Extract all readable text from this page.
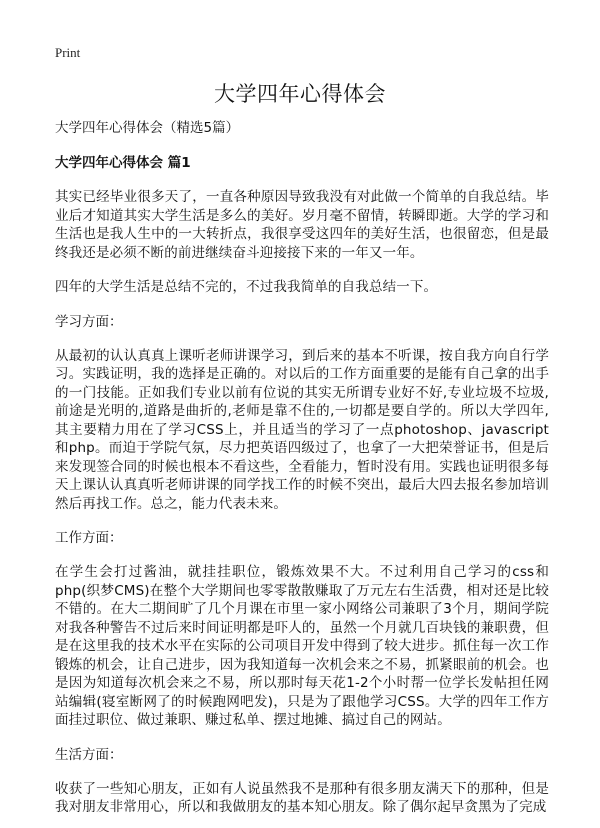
Print
大学四年心得体会

大学四年心得体会（精选5篇）

大学四年心得体会 篇1

其实已经毕业很多天了，一直各种原因导致我没有对此做一个简单的自我总结。毕业后才知道其实大学生活是多么的美好。岁月毫不留情，转瞬即逝。大学的学习和生活也是我人生中的一大转折点，我很享受这四年的美好生活，也很留恋，但是最终我还是必须不断的前进继续奋斗迎接接下来的一年又一年。

四年的大学生活是总结不完的，不过我我简单的自我总结一下。

学习方面：

从最初的认认真真上课听老师讲课学习，到后来的基本不听课，按自我方向自行学习。实践证明，我的选择是正确的。对以后的工作方面重要的是能有自己拿的出手的一门技能。正如我们专业以前有位说的其实无所谓专业好不好,专业垃圾不垃圾,前途是光明的,道路是曲折的,老师是靠不住的,一切都是要自学的。所以大学四年,其主要精力用在了学习CSS上，并且适当的学习了一点photoshop、javascript和php。而迫于学院气氛，尽力把英语四级过了，也拿了一大把荣誉证书，但是后来发现签合同的时候也根本不看这些，全看能力，暂时没有用。实践也证明很多每天上课认认真真听老师讲课的同学找工作的时候不突出，最后大四去报名参加培训然后再找工作。总之，能力代表未来。

工作方面：

在学生会打过酱油，就挂挂职位，锻炼效果不大。不过利用自己学习的css和php(织梦CMS)在整个大学期间也零零散散赚取了万元左右生活费，相对还是比较不错的。在大二期间旷了几个月课在市里一家小网络公司兼职了3个月，期间学院对我各种警告不过后来时间证明都是吓人的，虽然一个月就几百块钱的兼职费，但是在这里我的技术水平在实际的公司项目开发中得到了较大进步。抓住每一次工作锻炼的机会，让自己进步，因为我知道每一次机会来之不易，抓紧眼前的机会。也是因为知道每次机会来之不易，所以那时每天花1-2个小时帮一位学长发帖担任网站编辑(寝室断网了的时候跑网吧发)，只是为了跟他学习CSS。大学的四年工作方面挂过职位、做过兼职、赚过私单、摆过地摊、搞过自己的网站。

生活方面：

收获了一些知心朋友，正如有人说虽然我不是那种有很多朋友满天下的那种，但是我对朋友非常用心，所以和我做朋友的基本知心朋友。除了偶尔起早贪黑为了完成
